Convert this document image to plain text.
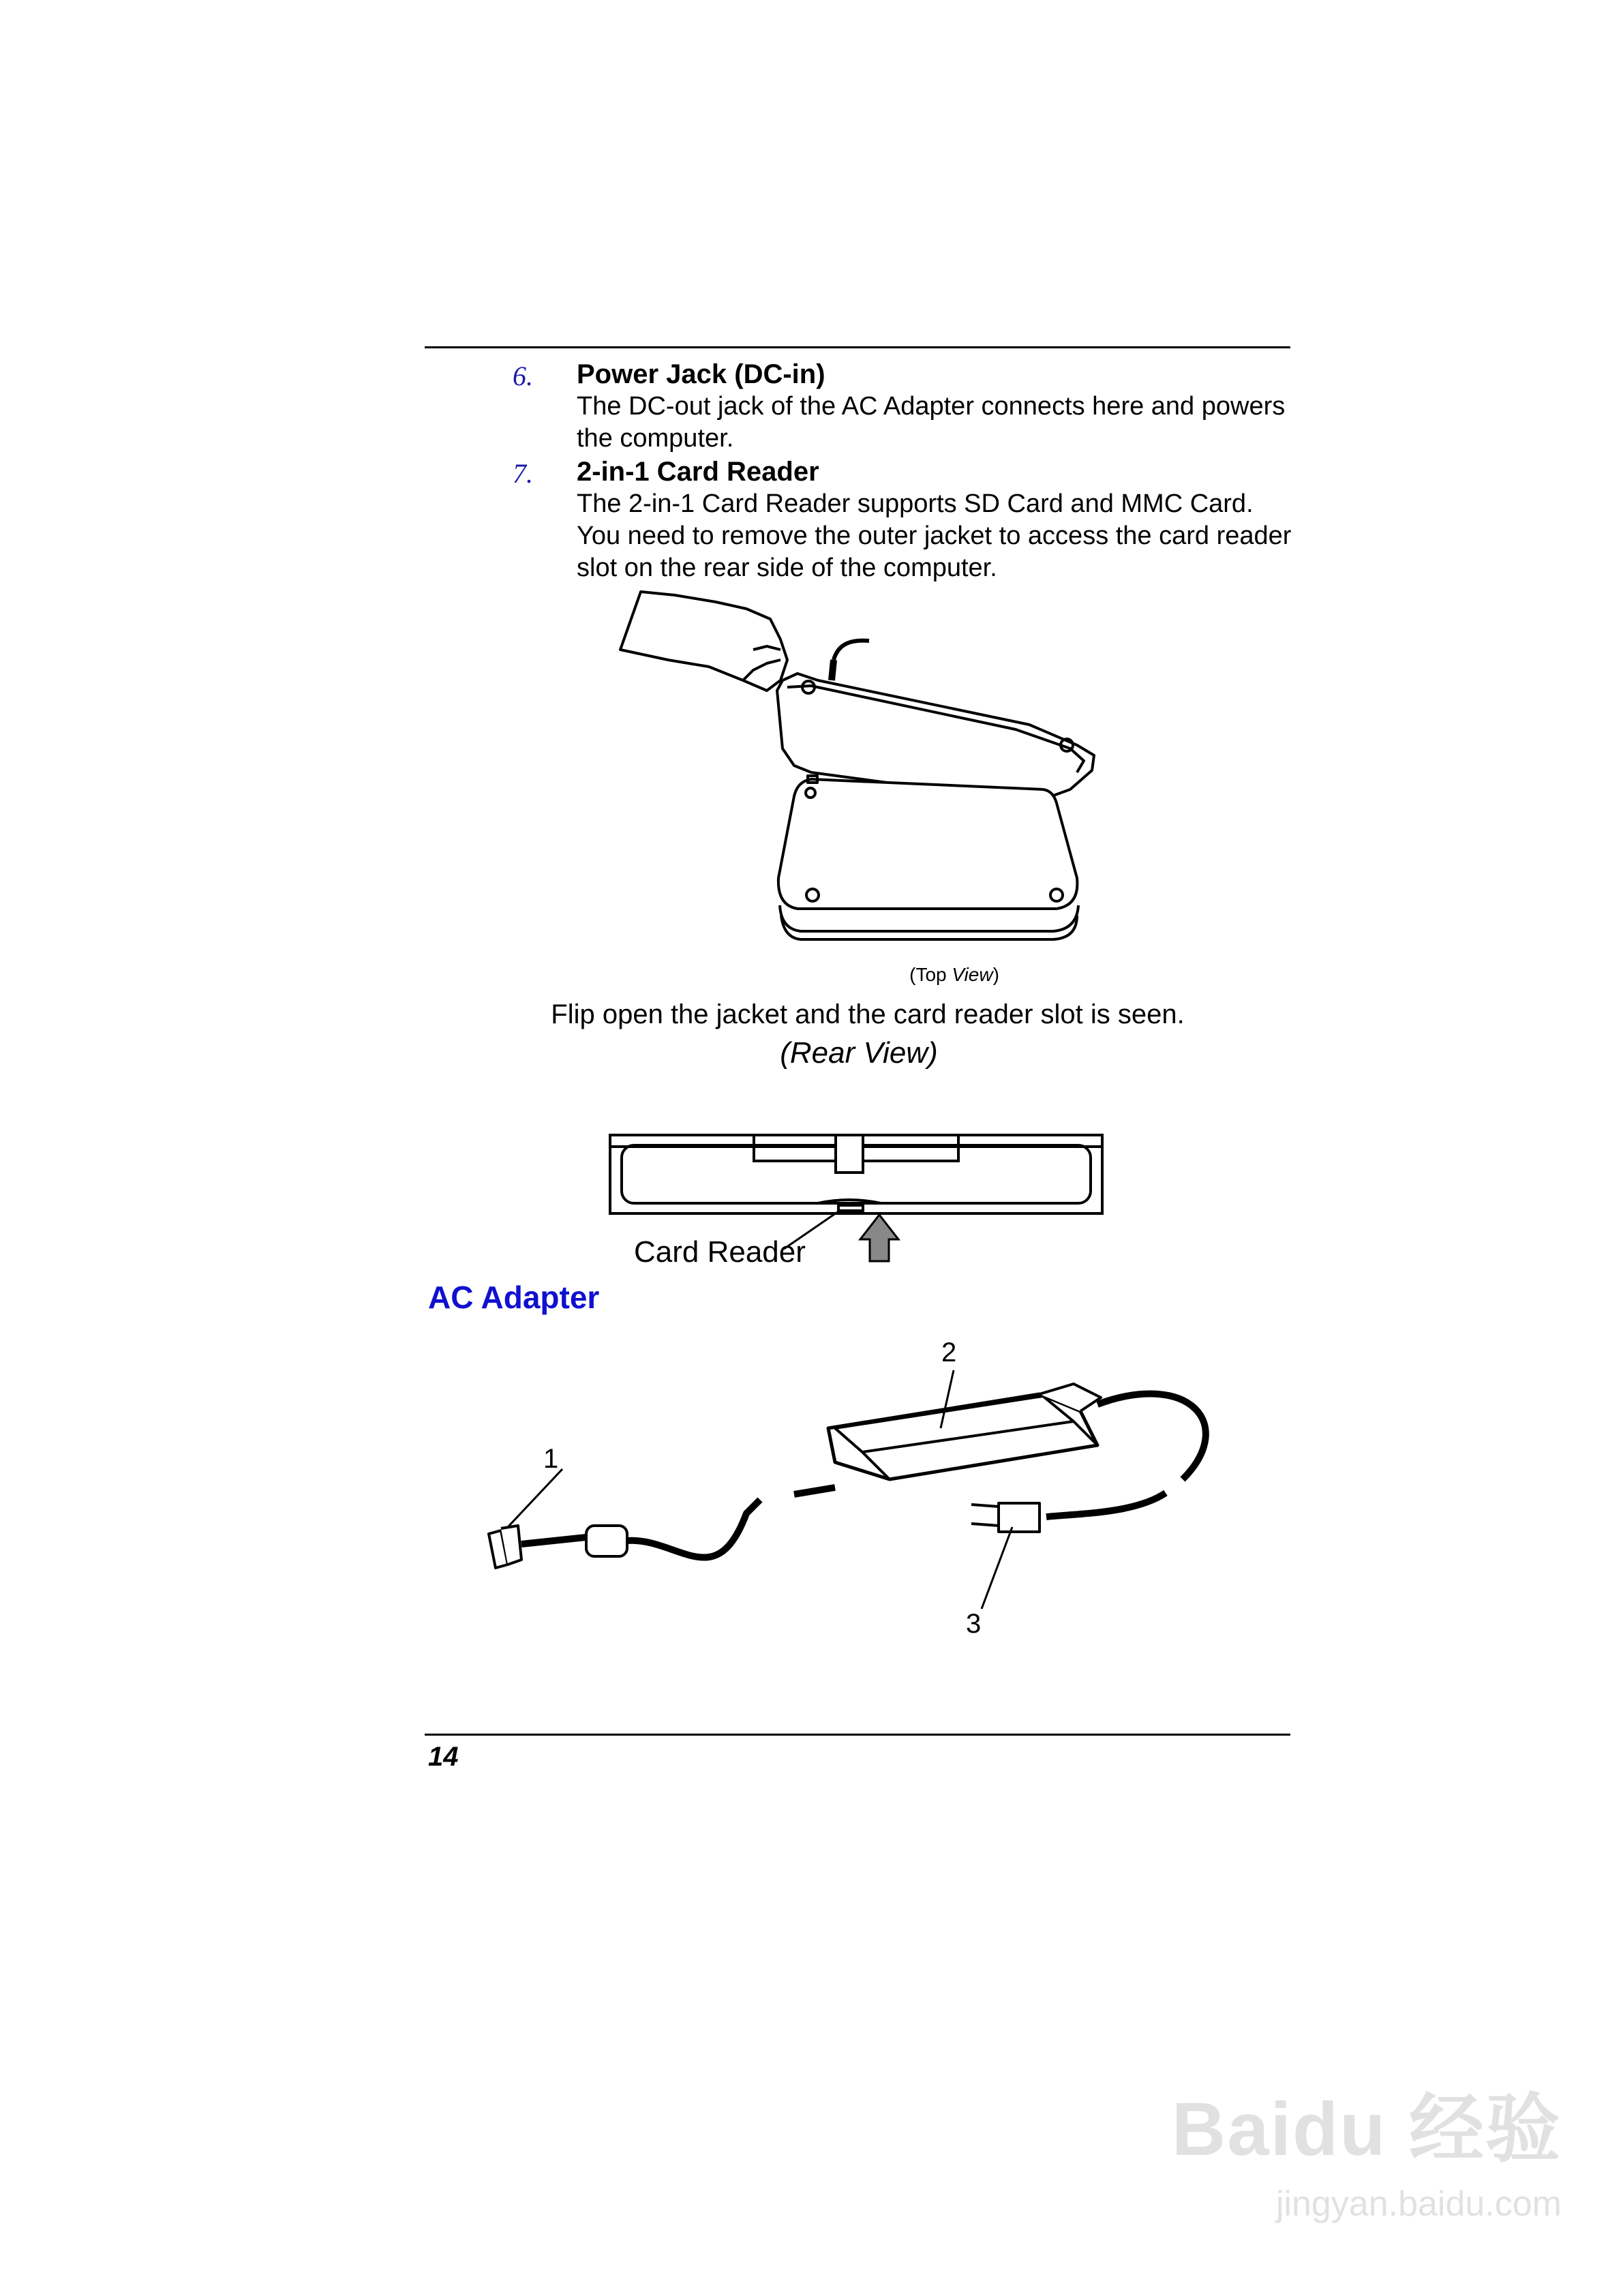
6. Power Jack (DC-in)
The DC-out jack of the AC Adapter connects here and powers the computer.
7. 2-in-1 Card Reader
The 2-in-1 Card Reader supports SD Card and MMC Card. You need to remove the outer jacket to access the card reader slot on the rear side of the computer.
(Top View)
Flip open the jacket and the card reader slot is seen.
(Rear View)
Card Reader
AC Adapter
1
2
3
14
Baidu 经验
jingyan.baidu.com
